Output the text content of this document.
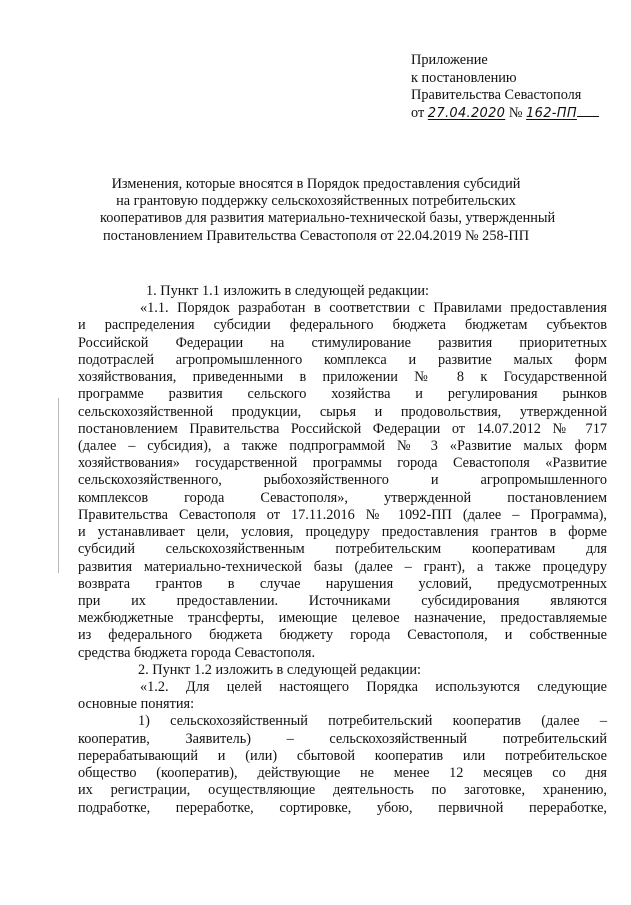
Приложение
к постановлению
Правительства Севастополя
от 27.04.2020 № 162-ПП
Изменения, которые вносятся в Порядок предоставления субсидий
на грантовую поддержку сельскохозяйственных потребительских
кооперативов для развития материально-технической базы, утвержденный
постановлением Правительства Севастополя от 22.04.2019 № 258-ПП
1. Пункт 1.1 изложить в следующей редакции:
«1.1. Порядок разработан в соответствии с Правилами предоставления
и распределения субсидии федерального бюджета бюджетам субъектов
Российской Федерации на стимулирование развития приоритетных
подотраслей агропромышленного комплекса и развитие малых форм
хозяйствования, приведенными в приложении № 8 к Государственной
программе развития сельского хозяйства и регулирования рынков
сельскохозяйственной продукции, сырья и продовольствия, утвержденной
постановлением Правительства Российской Федерации от 14.07.2012 № 717
(далее – субсидия), а также подпрограммой № 3 «Развитие малых форм
хозяйствования» государственной программы города Севастополя «Развитие
сельскохозяйственного, рыбохозяйственного и агропромышленного
комплексов города Севастополя», утвержденной постановлением
Правительства Севастополя от 17.11.2016 № 1092-ПП (далее – Программа),
и устанавливает цели, условия, процедуру предоставления грантов в форме
субсидий сельскохозяйственным потребительским кооперативам для
развития материально-технической базы (далее – грант), а также процедуру
возврата грантов в случае нарушения условий, предусмотренных
при их предоставлении. Источниками субсидирования являются
межбюджетные трансферты, имеющие целевое назначение, предоставляемые
из федерального бюджета бюджету города Севастополя, и собственные
средства бюджета города Севастополя.
2. Пункт 1.2 изложить в следующей редакции:
«1.2. Для целей настоящего Порядка используются следующие
основные понятия:
1) сельскохозяйственный потребительский кооператив (далее –
кооператив, Заявитель) – сельскохозяйственный потребительский
перерабатывающий и (или) сбытовой кооператив или потребительское
общество (кооператив), действующие не менее 12 месяцев со дня
их регистрации, осуществляющие деятельность по заготовке, хранению,
подработке, переработке, сортировке, убою, первичной переработке,
